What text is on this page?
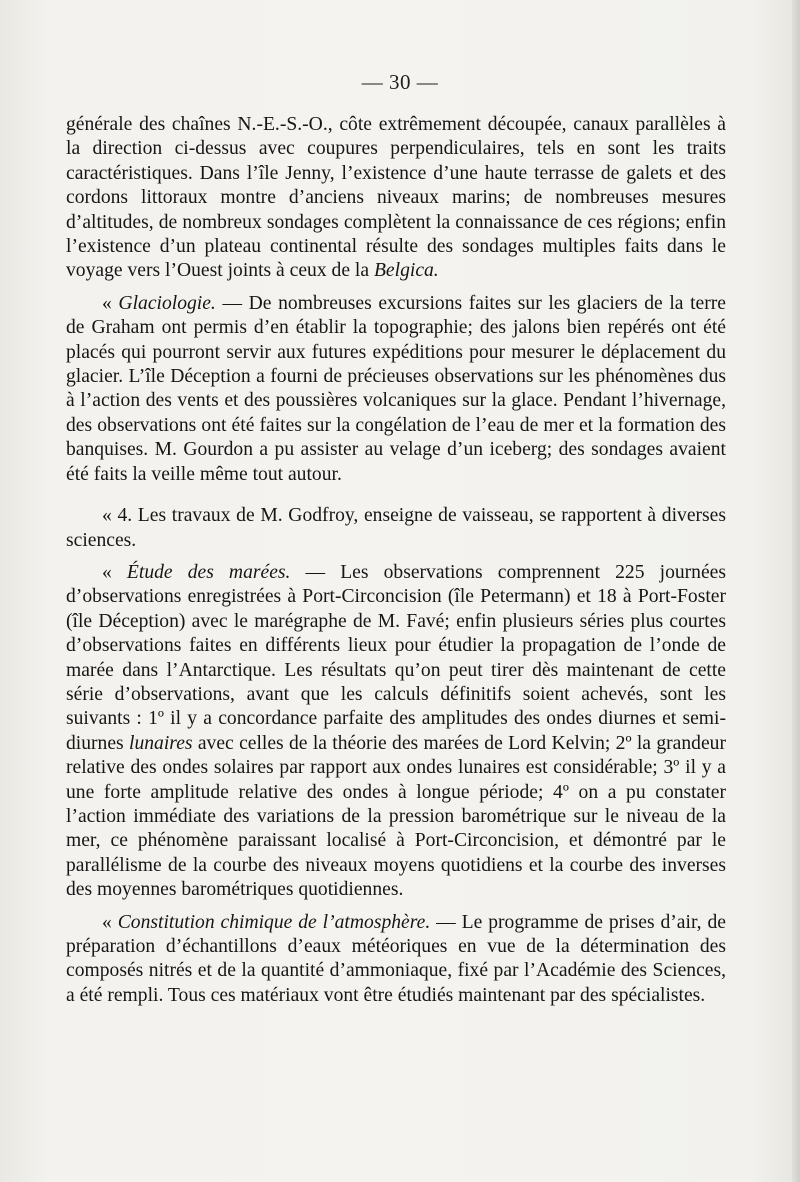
— 30 —

générale des chaînes N.-E.-S.-O., côte extrêmement découpée, canaux parallèles à la direction ci-dessus avec coupures perpendiculaires, tels en sont les traits caractéristiques. Dans l’île Jenny, l’existence d’une haute terrasse de galets et des cordons littoraux montre d’anciens niveaux marins; de nombreuses mesures d’altitudes, de nombreux sondages complètent la connaissance de ces régions; enfin l’existence d’un plateau continental résulte des sondages multiples faits dans le voyage vers l’Ouest joints à ceux de la Belgica.

« Glaciologie. — De nombreuses excursions faites sur les glaciers de la terre de Graham ont permis d’en établir la topographie; des jalons bien repérés ont été placés qui pourront servir aux futures expéditions pour mesurer le déplacement du glacier. L’île Déception a fourni de précieuses observations sur les phénomènes dus à l’action des vents et des poussières volcaniques sur la glace. Pendant l’hivernage, des observations ont été faites sur la congélation de l’eau de mer et la formation des banquises. M. Gourdon a pu assister au velage d’un iceberg; des sondages avaient été faits la veille même tout autour.

« 4. Les travaux de M. Godfroy, enseigne de vaisseau, se rapportent à diverses sciences.

« Étude des marées. — Les observations comprennent 225 journées d’observations enregistrées à Port-Circoncision (île Petermann) et 18 à Port-Foster (île Déception) avec le marégraphe de M. Favé; enfin plusieurs séries plus courtes d’observations faites en différents lieux pour étudier la propagation de l’onde de marée dans l’Antarctique. Les résultats qu’on peut tirer dès maintenant de cette série d’observations, avant que les calculs définitifs soient achevés, sont les suivants : 1º il y a concordance parfaite des amplitudes des ondes diurnes et semi-diurnes lunaires avec celles de la théorie des marées de Lord Kelvin; 2º la grandeur relative des ondes solaires par rapport aux ondes lunaires est considérable; 3º il y a une forte amplitude relative des ondes à longue période; 4º on a pu constater l’action immédiate des variations de la pression barométrique sur le niveau de la mer, ce phénomène paraissant localisé à Port-Circoncision, et démontré par le parallélisme de la courbe des niveaux moyens quotidiens et la courbe des inverses des moyennes barométriques quotidiennes.

« Constitution chimique de l’atmosphère. — Le programme de prises d’air, de préparation d’échantillons d’eaux météoriques en vue de la détermination des composés nitrés et de la quantité d’ammoniaque, fixé par l’Académie des Sciences, a été rempli. Tous ces matériaux vont être étudiés maintenant par des spécialistes.
